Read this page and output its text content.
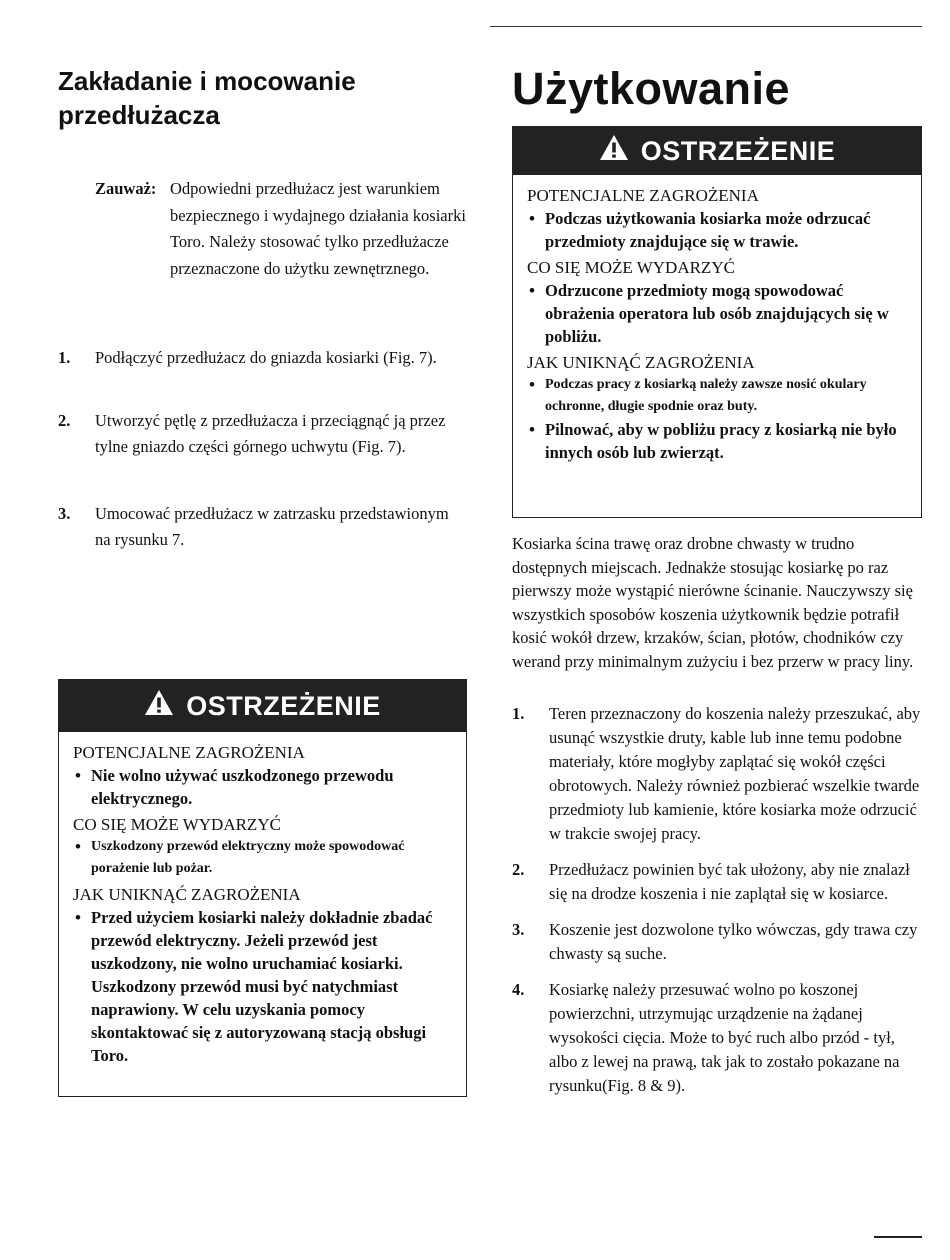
Zakładanie i mocowanie przedłużacza
Zauważ: Odpowiedni przedłużacz jest warunkiem bezpiecznego i wydajnego działania kosiarki Toro. Należy stosować tylko przedłużacze przeznaczone do użytku zewnętrznego.
1. Podłączyć przedłużacz do gniazda kosiarki (Fig. 7).
2. Utworzyć pętlę z przedłużacza i przeciągnąć ją przez tylne gniazdo części górnego uchwytu (Fig. 7).
3. Umocować przedłużacz w zatrzasku przedstawionym na rysunku 7.
OSTRZEŻENIE
POTENCJALNE ZAGROŻENIA
• Nie wolno używać uszkodzonego przewodu elektrycznego.
CO SIĘ MOŻE WYDARZYĆ
• Uszkodzony przewód elektryczny może spowodować porażenie lub pożar.
JAK UNIKNĄĆ ZAGROŻENIA
• Przed użyciem kosiarki należy dokładnie zbadać przewód elektryczny. Jeżeli przewód jest uszkodzony, nie wolno uruchamiać kosiarki. Uszkodzony przewód musi być natychmiast naprawiony. W celu uzyskania pomocy skontaktować się z autoryzowaną stacją obsługi Toro.
Użytkowanie
OSTRZEŻENIE
POTENCJALNE ZAGROŻENIA
• Podczas użytkowania kosiarka może odrzucać przedmioty znajdujące się w trawie.
CO SIĘ MOŻE WYDARZYĆ
• Odrzucone przedmioty mogą spowodować obrażenia operatora lub osób znajdujących się w pobliżu.
JAK UNIKNĄĆ ZAGROŻENIA
• Podczas pracy z kosiarką należy zawsze nosić okulary ochronne, długie spodnie oraz buty.
• Pilnować, aby w pobliżu pracy z kosiarką nie było innych osób lub zwierząt.

Kosiarka ścina trawę oraz drobne chwasty w trudno dostępnych miejscach. Jednakże stosując kosiarkę po raz pierwszy może wystąpić nierówne ścinanie. Nauczywszy się wszystkich sposobów koszenia użytkownik będzie potrafił kosić wokół drzew, krzaków, ścian, płotów, chodników czy werand przy minimalnym zużyciu i bez przerw w pracy liny.

1. Teren przeznaczony do koszenia należy przeszukać, aby usunąć wszystkie druty, kable lub inne temu podobne materiały, które mogłyby zaplątać się wokół części obrotowych. Należy również pozbierać wszelkie twarde przedmioty lub kamienie, które kosiarka może odrzucić w trakcie swojej pracy.
2. Przedłużacz powinien być tak ułożony, aby nie znalazł się na drodze koszenia i nie zaplątał się w kosiarce.
3. Koszenie jest dozwolone tylko wówczas, gdy trawa czy chwasty są suche.
4. Kosiarkę należy przesuwać wolno po koszonej powierzchni, utrzymując urządzenie na żądanej wysokości cięcia. Może to być ruch albo przód - tył, albo z lewej na prawą, tak jak to zostało pokazane na rysunku(Fig. 8 & 9).
